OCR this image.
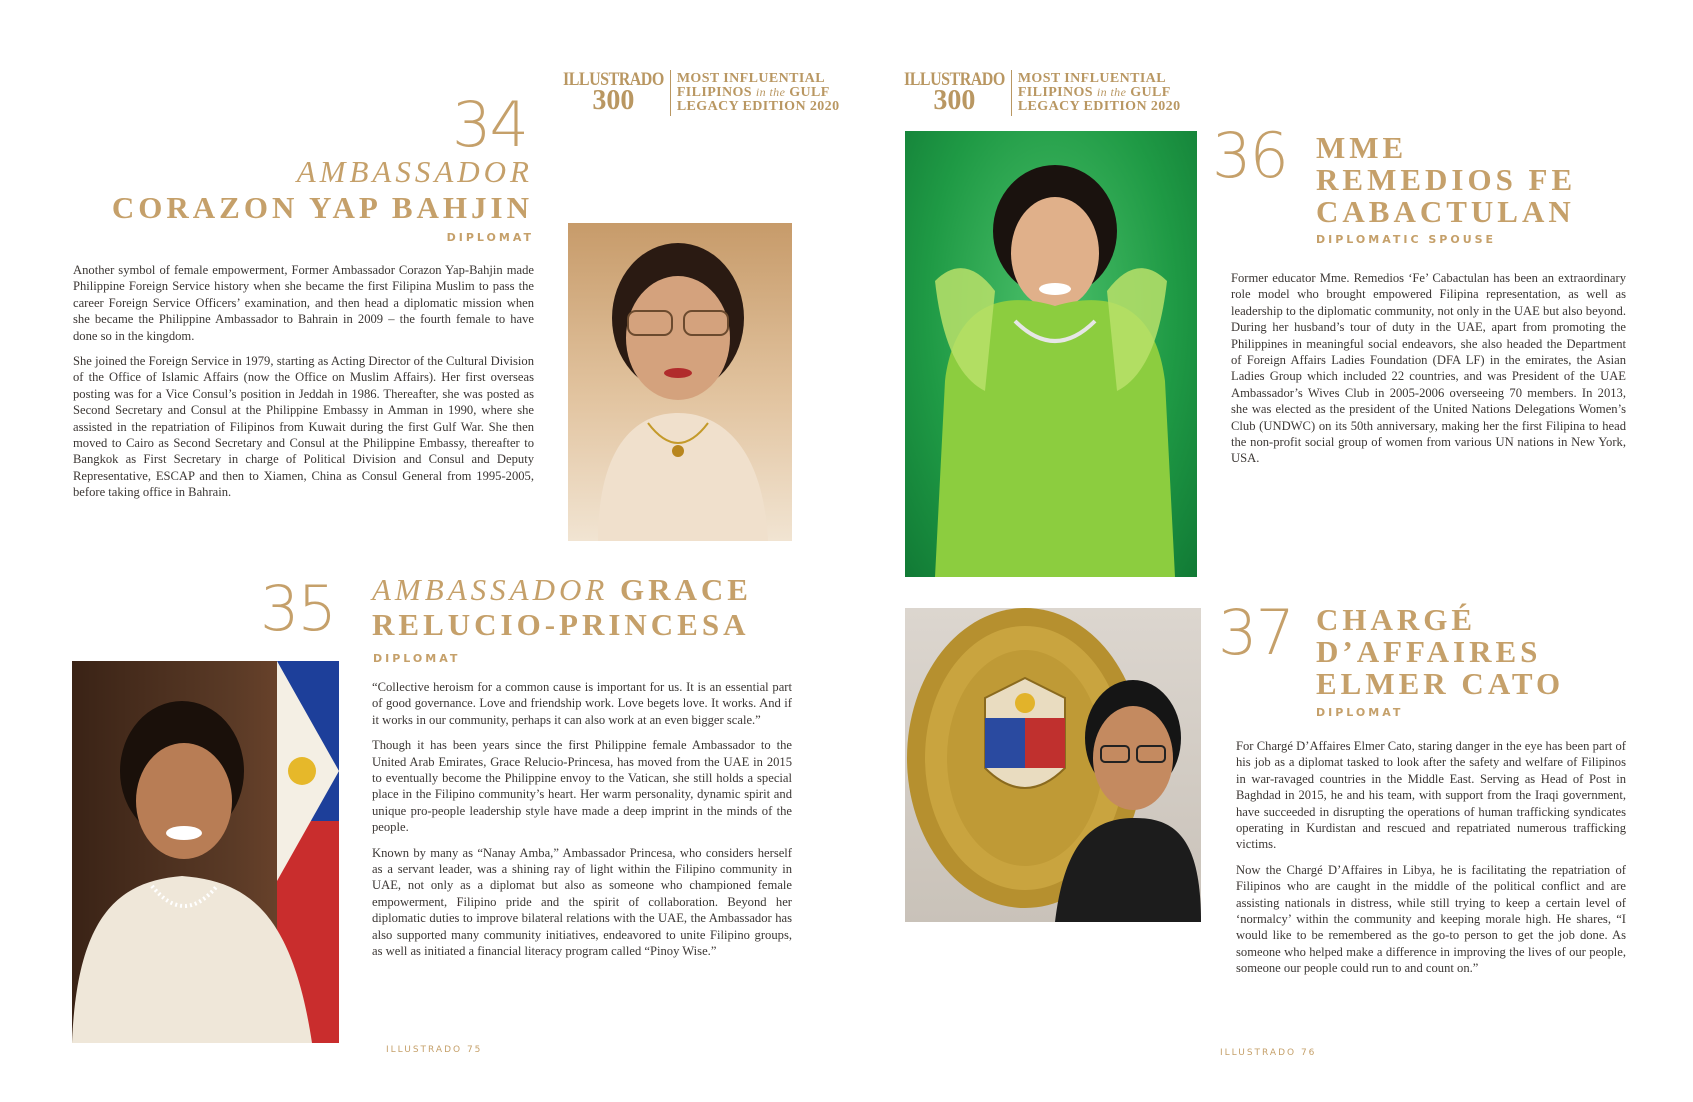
ILLUSTRADO
300
MOST INFLUENTIAL
FILIPINOS in the GULF
LEGACY EDITION 2020
ILLUSTRADO
300
MOST INFLUENTIAL
FILIPINOS in the GULF
LEGACY EDITION 2020
34
AMBASSADOR
CORAZON YAP BAHJIN
DIPLOMAT

Another symbol of female empowerment, Former Ambassador Corazon Yap-Bahjin made Philippine Foreign Service history when she became the first Filipina Muslim to pass the career Foreign Service Officers’ examination, and then head a diplomatic mission when she became the Philippine Ambassador to Bahrain in 2009 – the fourth female to have done so in the kingdom.

She joined the Foreign Service in 1979, starting as Acting Director of the Cultural Division of the Office of Islamic Affairs (now the Office on Muslim Affairs). Her first overseas posting was for a Vice Consul’s position in Jeddah in 1986. Thereafter, she was posted as Second Secretary and Consul at the Philippine Embassy in Amman in 1990, where she assisted in the repatriation of Filipinos from Kuwait during the first Gulf War. She then moved to Cairo as Second Secretary and Consul at the Philippine Embassy, thereafter to Bangkok as First Secretary in charge of Political Division and Consul and Deputy Representative, ESCAP and then to Xiamen, China as Consul General from 1995-2005, before taking office in Bahrain.

35 AMBASSADOR GRACE
RELUCIO-PRINCESA
DIPLOMAT

“Collective heroism for a common cause is important for us. It is an essential part of good governance. Love and friendship work. Love begets love. It works. And if it works in our community, perhaps it can also work at an even bigger scale.”

Though it has been years since the first Philippine female Ambassador to the United Arab Emirates, Grace Relucio-Princesa, has moved from the UAE in 2015 to eventually become the Philippine envoy to the Vatican, she still holds a special place in the Filipino community’s heart. Her warm personality, dynamic spirit and unique pro-people leadership style have made a deep imprint in the minds of the people.

Known by many as “Nanay Amba,” Ambassador Princesa, who considers herself as a servant leader, was a shining ray of light within the Filipino community in UAE, not only as a diplomat but also as someone who championed female empowerment, Filipino pride and the spirit of collaboration. Beyond her diplomatic duties to improve bilateral relations with the UAE, the Ambassador has also supported many community initiatives, endeavored to unite Filipino groups, as well as initiated a financial literacy program called “Pinoy Wise.”

36 MME
REMEDIOS FE
CABACTULAN
DIPLOMATIC SPOUSE

Former educator Mme. Remedios ‘Fe’ Cabactulan has been an extraordinary role model who brought empowered Filipina representation, as well as leadership to the diplomatic community, not only in the UAE but also beyond. During her husband’s tour of duty in the UAE, apart from promoting the Philippines in meaningful social endeavors, she also headed the Department of Foreign Affairs Ladies Foundation (DFA LF) in the emirates, the Asian Ladies Group which included 22 countries, and was President of the UAE Ambassador’s Wives Club in 2005-2006 overseeing 70 members. In 2013, she was elected as the president of the United Nations Delegations Women’s Club (UNDWC) on its 50th anniversary, making her the first Filipina to head the non-profit social group of women from various UN nations in New York, USA.

37 CHARGÉ
D’AFFAIRES
ELMER CATO
DIPLOMAT

For Chargé D’Affaires Elmer Cato, staring danger in the eye has been part of his job as a diplomat tasked to look after the safety and welfare of Filipinos in war-ravaged countries in the Middle East. Serving as Head of Post in Baghdad in 2015, he and his team, with support from the Iraqi government, have succeeded in disrupting the operations of human trafficking syndicates operating in Kurdistan and rescued and repatriated numerous trafficking victims.

Now the Chargé D’Affaires in Libya, he is facilitating the repatriation of Filipinos who are caught in the middle of the political conflict and are assisting nationals in distress, while still trying to keep a certain level of ‘normalcy’ within the community and keeping morale high. He shares, “I would like to be remembered as the go-to person to get the job done. As someone who helped make a difference in improving the lives of our people, someone our people could run to and count on.”

ILLUSTRADO 75	ILLUSTRADO 76
